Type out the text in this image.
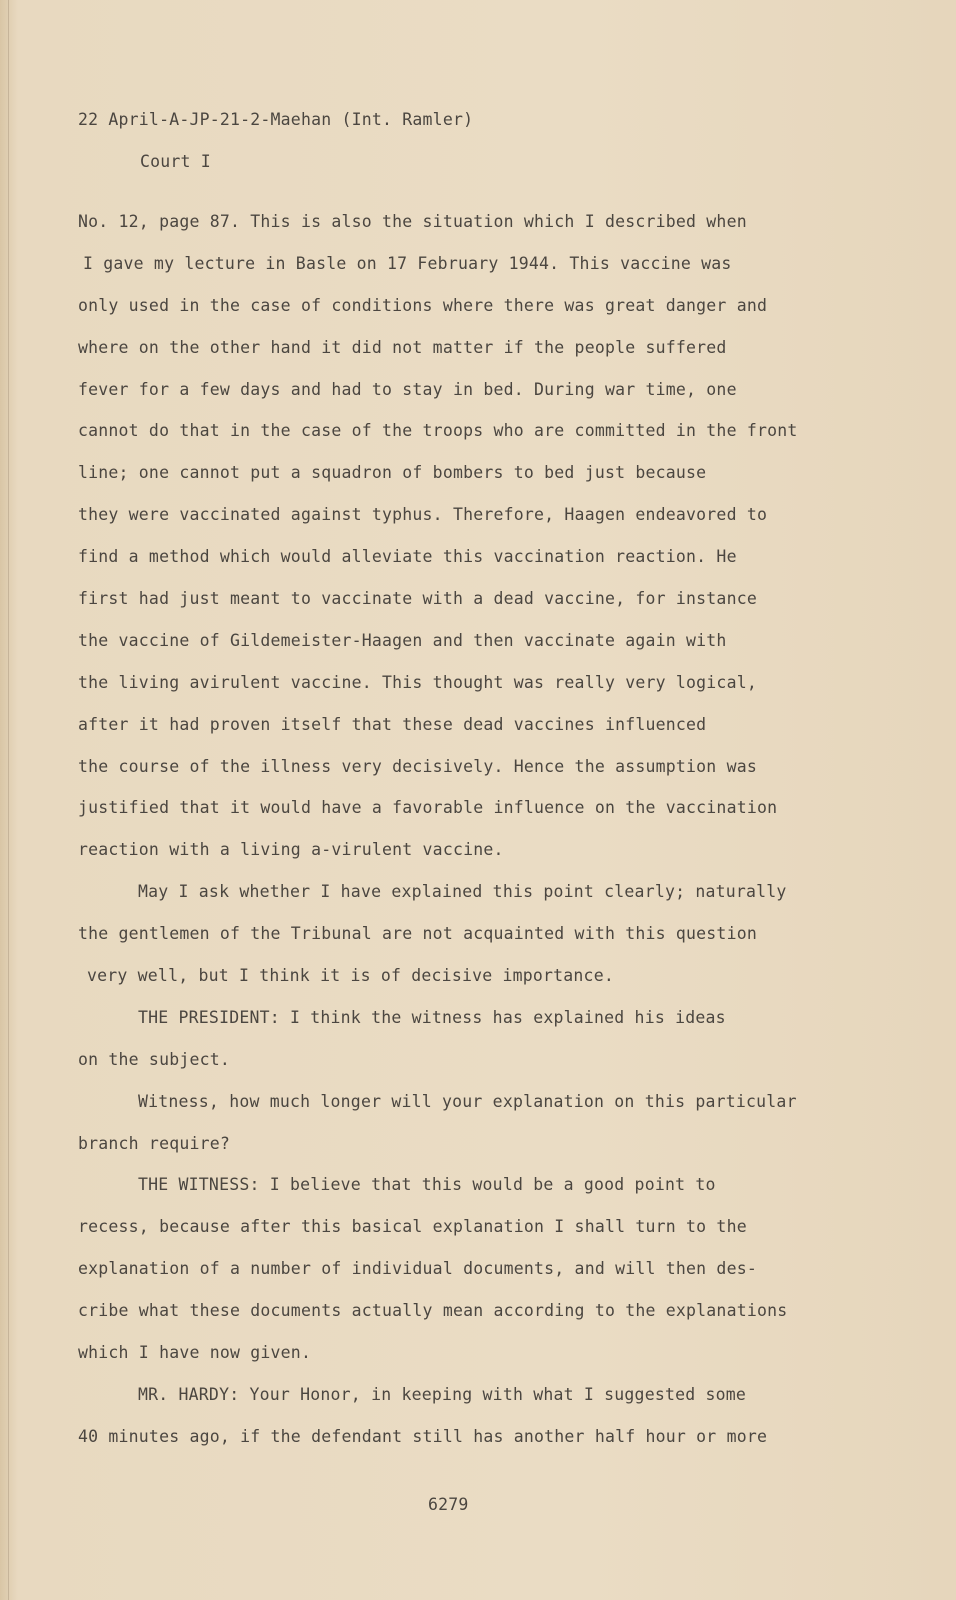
22 April-A-JP-21-2-Maehan (Int. Ramler)
Court I
No. 12, page 87. This is also the situation which I described when
I gave my lecture in Basle on 17 February 1944. This vaccine was
only used in the case of conditions where there was great danger and
where on the other hand it did not matter if the people suffered
fever for a few days and had to stay in bed. During war time, one
cannot do that in the case of the troops who are committed in the front
line; one cannot put a squadron of bombers to bed just because
they were vaccinated against typhus. Therefore, Haagen endeavored to
find a method which would alleviate this vaccination reaction. He
first had just meant to vaccinate with a dead vaccine, for instance
the vaccine of Gildemeister-Haagen and then vaccinate again with
the living avirulent vaccine. This thought was really very logical,
after it had proven itself that these dead vaccines influenced
the course of the illness very decisively. Hence the assumption was
justified that it would have a favorable influence on the vaccination
reaction with a living a-virulent vaccine.
May I ask whether I have explained this point clearly; naturally
the gentlemen of the Tribunal are not acquainted with this question
very well, but I think it is of decisive importance.
THE PRESIDENT: I think the witness has explained his ideas
on the subject.
Witness, how much longer will your explanation on this particular
branch require?
THE WITNESS: I believe that this would be a good point to
recess, because after this basical explanation I shall turn to the
explanation of a number of individual documents, and will then des-
cribe what these documents actually mean according to the explanations
which I have now given.
MR. HARDY: Your Honor, in keeping with what I suggested some
40 minutes ago, if the defendant still has another half hour or more
6279
